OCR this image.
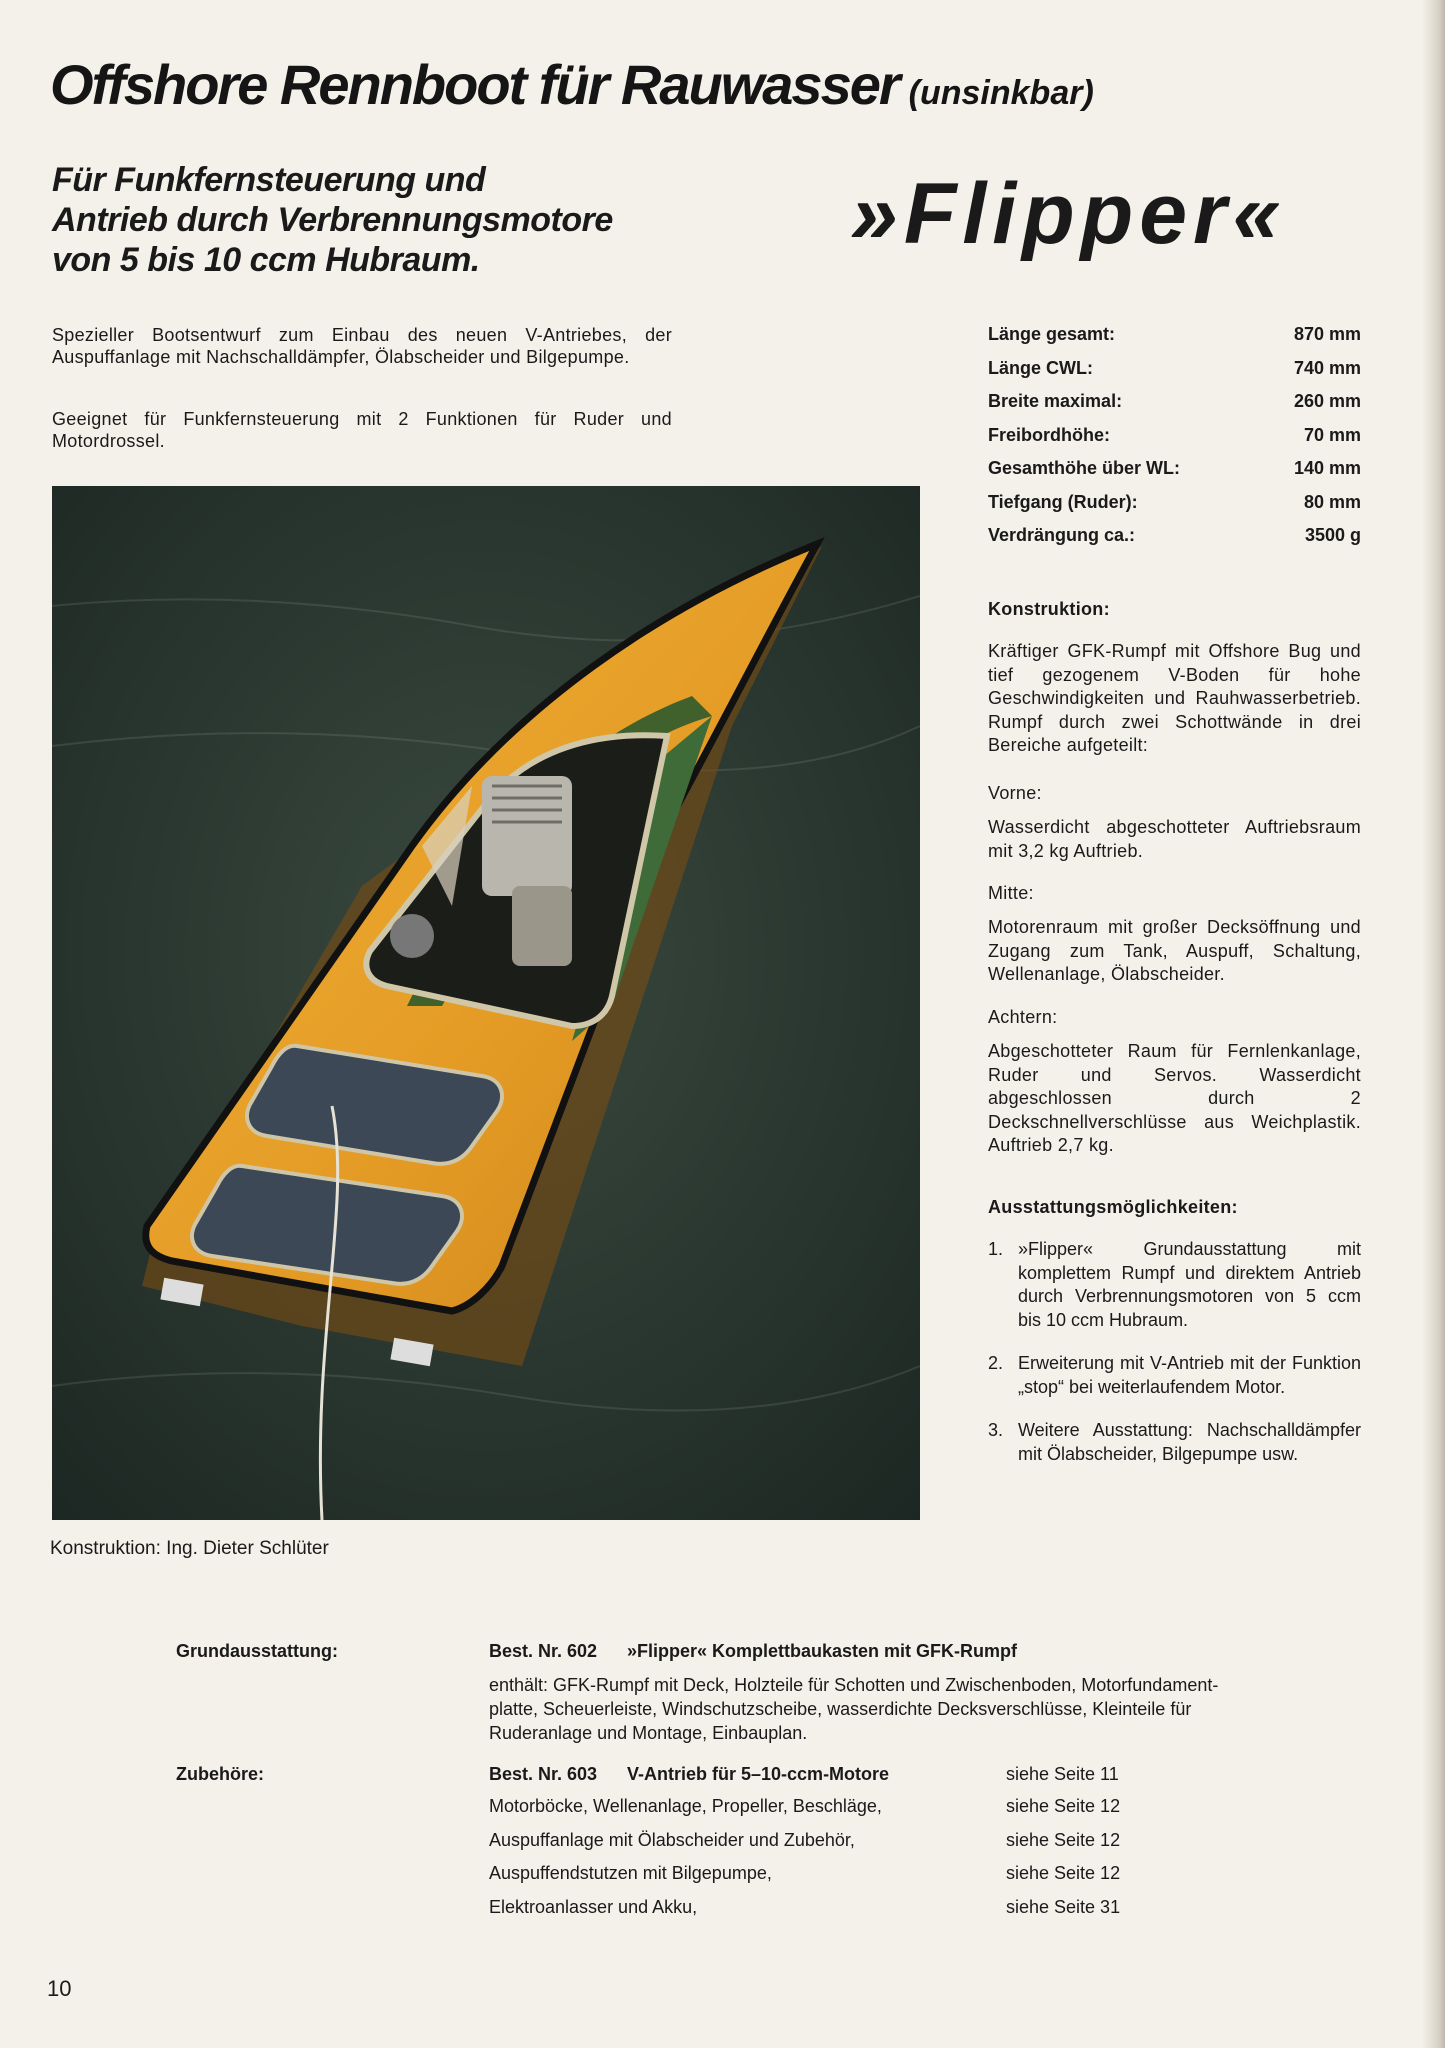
Offshore Rennboot für Rauwasser (unsinkbar)
Für Funkfernsteuerung und
Antrieb durch Verbrennungsmotore
von 5 bis 10 ccm Hubraum.	»Flipper«
Spezieller Bootsentwurf zum Einbau des neuen V-Antriebes, der Auspuffanlage mit Nachschalldämpfer, Ölabscheider und Bilgepumpe.
Geeignet für Funkfernsteuerung mit 2 Funktionen für Ruder und Motordrossel.
Konstruktion: Ing. Dieter Schlüter
Länge gesamt:	870 mm
Länge CWL:	740 mm
Breite maximal:	260 mm
Freibordhöhe:	70 mm
Gesamthöhe über WL:	140 mm
Tiefgang (Ruder):	80 mm
Verdrängung ca.:	3500 g
Konstruktion:
Kräftiger GFK-Rumpf mit Offshore Bug und tief gezogenem V-Boden für hohe Geschwindigkeiten und Rauhwasserbetrieb. Rumpf durch zwei Schottwände in drei Bereiche aufgeteilt:
Vorne:
Wasserdicht abgeschotteter Auftriebsraum mit 3,2 kg Auftrieb.
Mitte:
Motorenraum mit großer Decksöffnung und Zugang zum Tank, Auspuff, Schaltung, Wellenanlage, Ölabscheider.
Achtern:
Abgeschotteter Raum für Fernlenkanlage, Ruder und Servos. Wasserdicht abgeschlossen durch 2 Deckschnellverschlüsse aus Weichplastik. Auftrieb 2,7 kg.
Ausstattungsmöglichkeiten:
1. »Flipper« Grundausstattung mit komplettem Rumpf und direktem Antrieb durch Verbrennungsmotoren von 5 ccm bis 10 ccm Hubraum.
2. Erweiterung mit V-Antrieb mit der Funktion „stop“ bei weiterlaufendem Motor.
3. Weitere Ausstattung: Nachschalldämpfer mit Ölabscheider, Bilgepumpe usw.
Grundausstattung:	Best. Nr. 602 »Flipper« Komplettbaukasten mit GFK-Rumpf
enthält: GFK-Rumpf mit Deck, Holzteile für Schotten und Zwischenboden, Motorfundament-
platte, Scheuerleiste, Windschutzscheibe, wasserdichte Decksverschlüsse, Kleinteile für
Ruderanlage und Montage, Einbauplan.
Zubehöre:	Best. Nr. 603 V-Antrieb für 5–10-ccm-Motore	siehe Seite 11
Motorböcke, Wellenanlage, Propeller, Beschläge,	siehe Seite 12
Auspuffanlage mit Ölabscheider und Zubehör,	siehe Seite 12
Auspuffendstutzen mit Bilgepumpe,	siehe Seite 12
Elektroanlasser und Akku,	siehe Seite 31
10
